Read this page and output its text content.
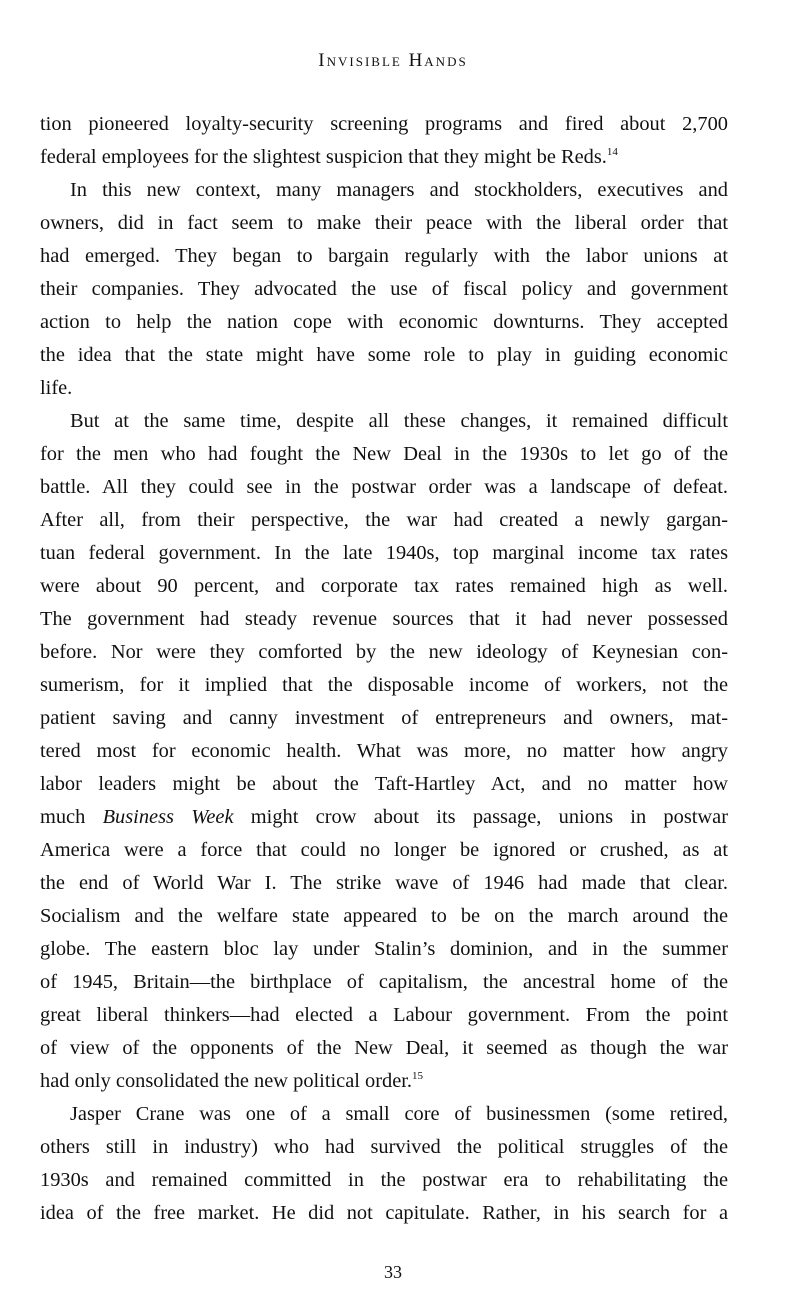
Invisible Hands
tion pioneered loyalty-security screening programs and fired about 2,700
federal employees for the slightest suspicion that they might be Reds.$^{14}$
In this new context, many managers and stockholders, executives and
owners, did in fact seem to make their peace with the liberal order that
had emerged. They began to bargain regularly with the labor unions at
their companies. They advocated the use of fiscal policy and government
action to help the nation cope with economic downturns. They accepted
the idea that the state might have some role to play in guiding economic
life.
But at the same time, despite all these changes, it remained difficult
for the men who had fought the New Deal in the 1930s to let go of the
battle. All they could see in the postwar order was a landscape of defeat.
After all, from their perspective, the war had created a newly gargan-
tuan federal government. In the late 1940s, top marginal income tax rates
were about 90 percent, and corporate tax rates remained high as well.
The government had steady revenue sources that it had never possessed
before. Nor were they comforted by the new ideology of Keynesian con-
sumerism, for it implied that the disposable income of workers, not the
patient saving and canny investment of entrepreneurs and owners, mat-
tered most for economic health. What was more, no matter how angry
labor leaders might be about the Taft-Hartley Act, and no matter how
much Business Week might crow about its passage, unions in postwar
America were a force that could no longer be ignored or crushed, as at
the end of World War I. The strike wave of 1946 had made that clear.
Socialism and the welfare state appeared to be on the march around the
globe. The eastern bloc lay under Stalin’s dominion, and in the summer
of 1945, Britain—the birthplace of capitalism, the ancestral home of the
great liberal thinkers—had elected a Labour government. From the point
of view of the opponents of the New Deal, it seemed as though the war
had only consolidated the new political order.$^{15}$
Jasper Crane was one of a small core of businessmen (some retired,
others still in industry) who had survived the political struggles of the
1930s and remained committed in the postwar era to rehabilitating the
idea of the free market. He did not capitulate. Rather, in his search for a
33
